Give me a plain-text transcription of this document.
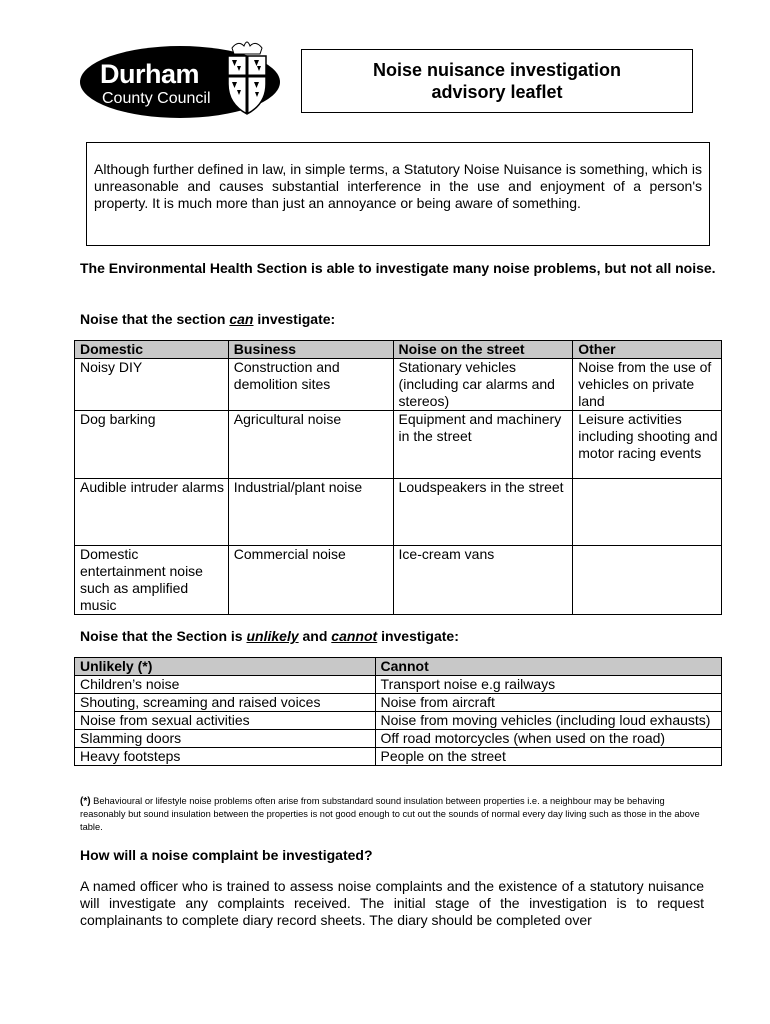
Durham
County Council
Noise nuisance investigation
advisory leaflet
Although further defined in law, in simple terms, a Statutory Noise Nuisance is something, which is unreasonable and causes substantial interference in the use and enjoyment of a person's property. It is much more than just an annoyance or being aware of something.
The Environmental Health Section is able to investigate many noise problems, but not all noise.
Noise that the section can investigate:
Domestic	Business	Noise on the street	Other
Noisy DIY	Construction and demolition sites	Stationary vehicles (including car alarms and stereos)	Noise from the use of vehicles on private land
Dog barking	Agricultural noise	Equipment and machinery in the street	Leisure activities including shooting and motor racing events
Audible intruder alarms	Industrial/plant noise	Loudspeakers in the street	
Domestic entertainment noise such as amplified music	Commercial noise	Ice-cream vans	
Noise that the Section is unlikely and cannot investigate:
Unlikely (*)	Cannot
Children’s noise	Transport noise e.g railways
Shouting, screaming and raised voices	Noise from aircraft
Noise from sexual activities	Noise from moving vehicles (including loud exhausts)
Slamming doors	Off road motorcycles (when used on the road)
Heavy footsteps	People on the street
(*) Behavioural or lifestyle noise problems often arise from substandard sound insulation between properties i.e. a neighbour may be behaving reasonably but sound insulation between the properties is not good enough to cut out the sounds of normal every day living such as those in the above table.
How will a noise complaint be investigated?
A named officer who is trained to assess noise complaints and the existence of a statutory nuisance will investigate any complaints received. The initial stage of the investigation is to request complainants to complete diary record sheets. The diary should be completed over
